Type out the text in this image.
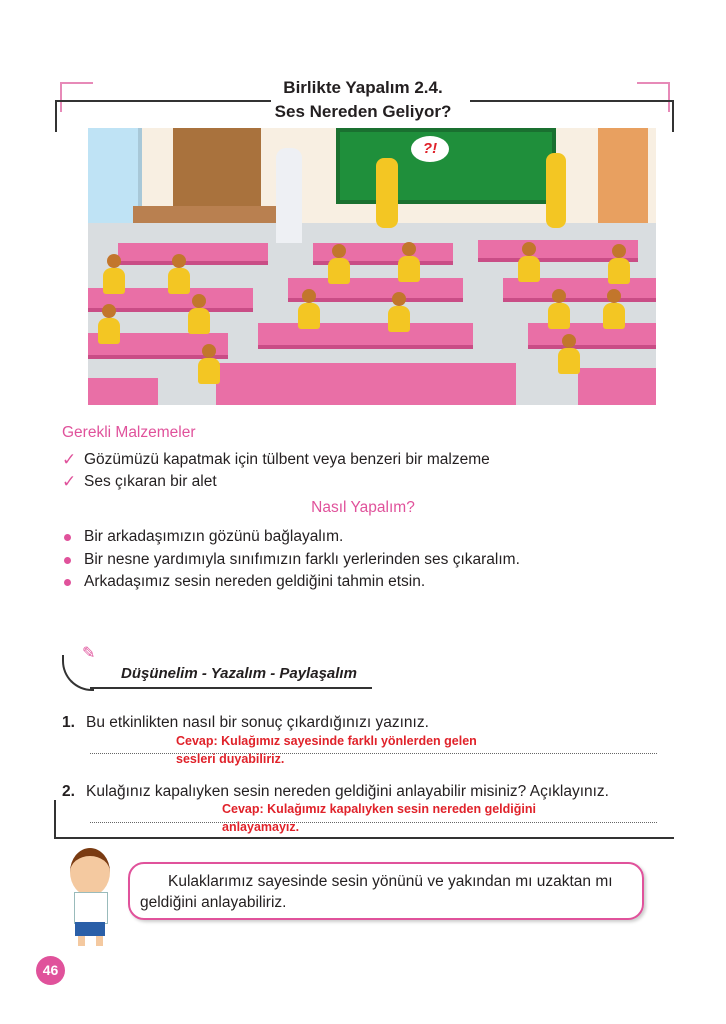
Birlikte Yapalım 2.4.
Ses Nereden Geliyor?
?!
Gerekli Malzemeler
✓ Gözümüzü kapatmak için tülbent veya benzeri bir malzeme
✓ Ses çıkaran bir alet
Nasıl Yapalım?
Bir arkadaşımızın gözünü bağlayalım.
Bir nesne yardımıyla sınıfımızın farklı yerlerinden ses çıkaralım.
Arkadaşımız sesin nereden geldiğini tahmin etsin.
✎
Düşünelim - Yazalım - Paylaşalım
1. Bu etkinlikten nasıl bir sonuç çıkardığınızı yazınız.
Cevap: Kulağımız sayesinde farklı yönlerden gelen
sesleri duyabiliriz.
2. Kulağınız kapalıyken sesin nereden geldiğini anlayabilir misiniz? Açıklayınız.
Cevap: Kulağımız kapalıyken sesin nereden geldiğini
anlayamayız.
Kulaklarımız sayesinde sesin yönünü ve yakından mı uzaktan mı geldiğini anlayabiliriz.
46
